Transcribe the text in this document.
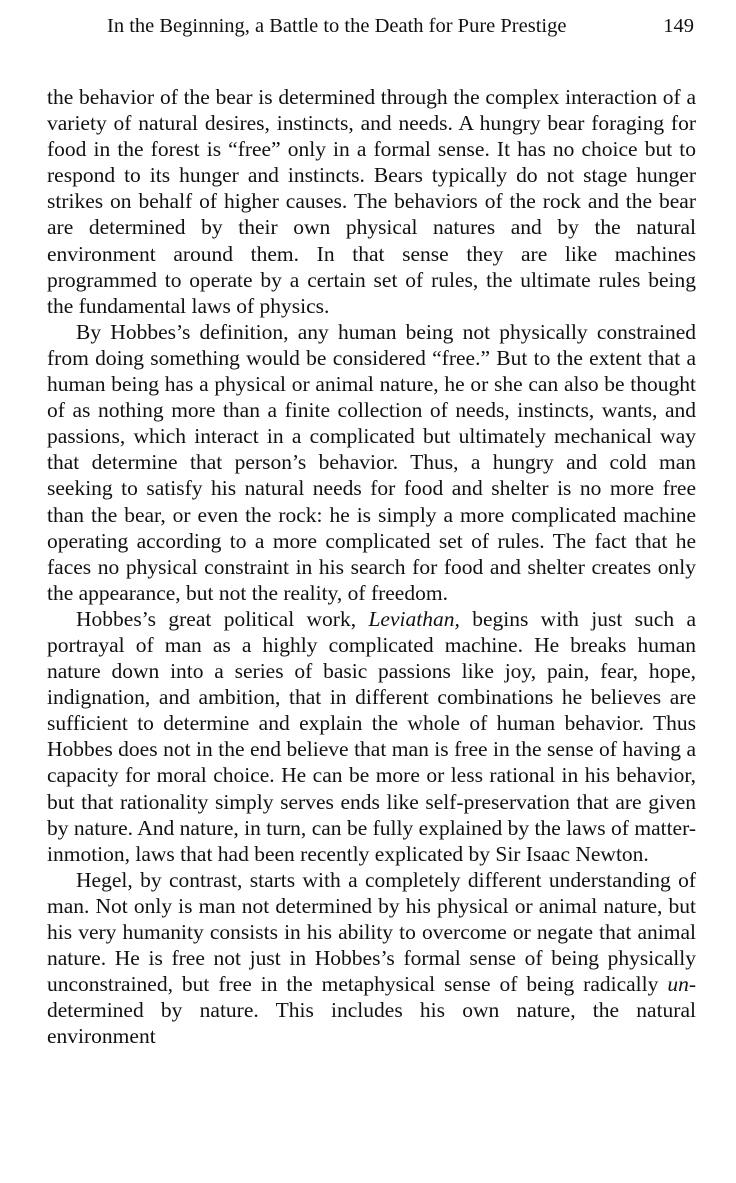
In the Beginning, a Battle to the Death for Pure Prestige	149

the behavior of the bear is determined through the complex interaction of a variety of natural desires, instincts, and needs. A hungry bear foraging for food in the forest is “free” only in a formal sense. It has no choice but to respond to its hunger and instincts. Bears typically do not stage hunger strikes on behalf of higher causes. The behaviors of the rock and the bear are determined by their own physical natures and by the natural environment around them. In that sense they are like machines programmed to operate by a certain set of rules, the ultimate rules being the fundamental laws of physics.

By Hobbes’s definition, any human being not physically constrained from doing something would be considered “free.” But to the extent that a human being has a physical or animal nature, he or she can also be thought of as nothing more than a finite collection of needs, instincts, wants, and passions, which interact in a complicated but ultimately mechanical way that determine that person’s behavior. Thus, a hungry and cold man seeking to satisfy his natural needs for food and shelter is no more free than the bear, or even the rock: he is simply a more complicated machine operating according to a more complicated set of rules. The fact that he faces no physical constraint in his search for food and shelter creates only the appearance, but not the reality, of freedom.

Hobbes’s great political work, Leviathan, begins with just such a portrayal of man as a highly complicated machine. He breaks human nature down into a series of basic passions like joy, pain, fear, hope, indignation, and ambition, that in different combinations he believes are sufficient to determine and explain the whole of human behavior. Thus Hobbes does not in the end believe that man is free in the sense of having a capacity for moral choice. He can be more or less rational in his behavior, but that rationality simply serves ends like self-preservation that are given by nature. And nature, in turn, can be fully explained by the laws of matter-inmotion, laws that had been recently explicated by Sir Isaac Newton.

Hegel, by contrast, starts with a completely different understanding of man. Not only is man not determined by his physical or animal nature, but his very humanity consists in his ability to overcome or negate that animal nature. He is free not just in Hobbes’s formal sense of being physically unconstrained, but free in the metaphysical sense of being radically un-determined by nature. This includes his own nature, the natural environment
